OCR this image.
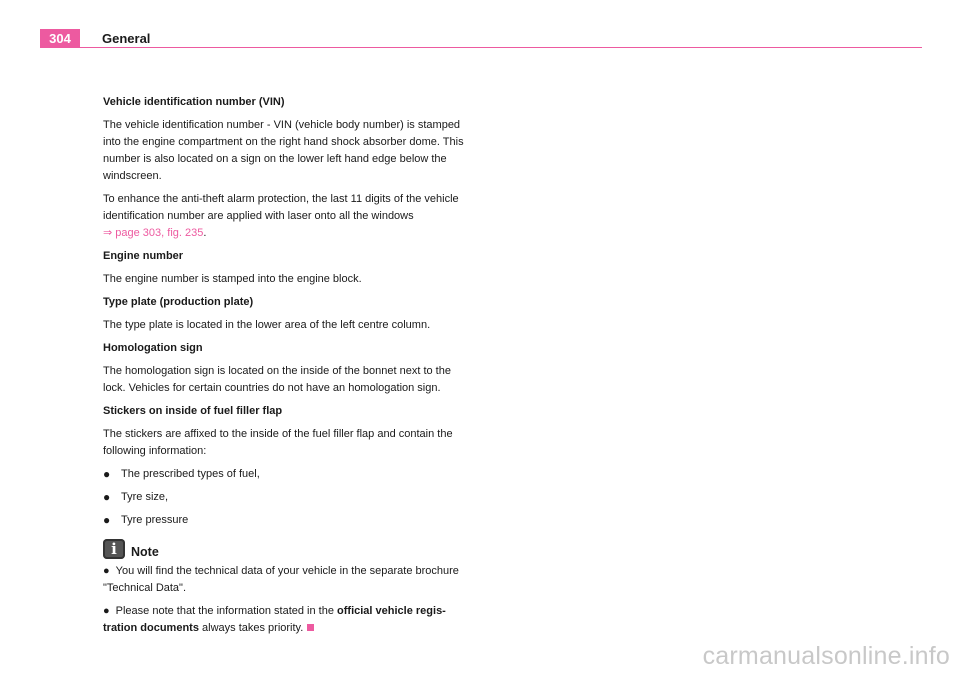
304	General

Vehicle identification number (VIN)

The vehicle identification number - VIN (vehicle body number) is stamped into the engine compartment on the right hand shock absorber dome. This number is also located on a sign on the lower left hand edge below the windscreen.

To enhance the anti-theft alarm protection, the last 11 digits of the vehicle identification number are applied with laser onto all the windows
⇒ page 303, fig. 235.

Engine number

The engine number is stamped into the engine block.

Type plate (production plate)

The type plate is located in the lower area of the left centre column.

Homologation sign

The homologation sign is located on the inside of the bonnet next to the lock. Vehicles for certain countries do not have an homologation sign.

Stickers on inside of fuel filler flap

The stickers are affixed to the inside of the fuel filler flap and contain the following information:

● The prescribed types of fuel,

● Tyre size,

● Tyre pressure

i	Note

● You will find the technical data of your vehicle in the separate brochure "Technical Data".

● Please note that the information stated in the official vehicle regis-tration documents always takes priority.

carmanualsonline.info
